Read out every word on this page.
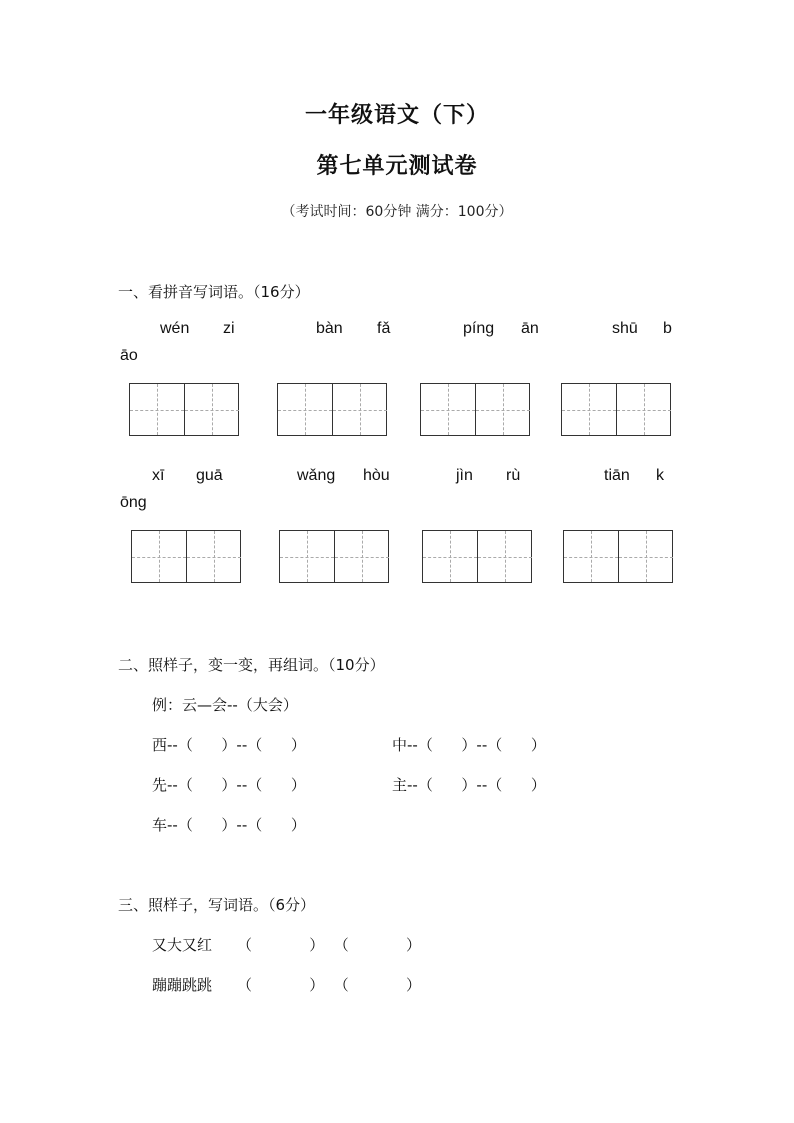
一年级语文（下）
第七单元测试卷
（考试时间：60分钟 满分：100分）
一、看拼音写词语。（16分）
wén zi	bàn fǎ	píng ān	shū b
āo
xī guā	wǎng hòu	jìn rù	tiān k
ōng
二、照样子，变一变，再组词。（10分）
例：云—会--（大会）
西--（      ）--（      ）	中--（      ）--（      ）
先--（      ）--（      ）	主--（      ）--（      ）
车--（      ）--（      ）
三、照样子，写词语。（6分）
又大又红 （            ）  （            ）
蹦蹦跳跳 （            ）  （            ）
